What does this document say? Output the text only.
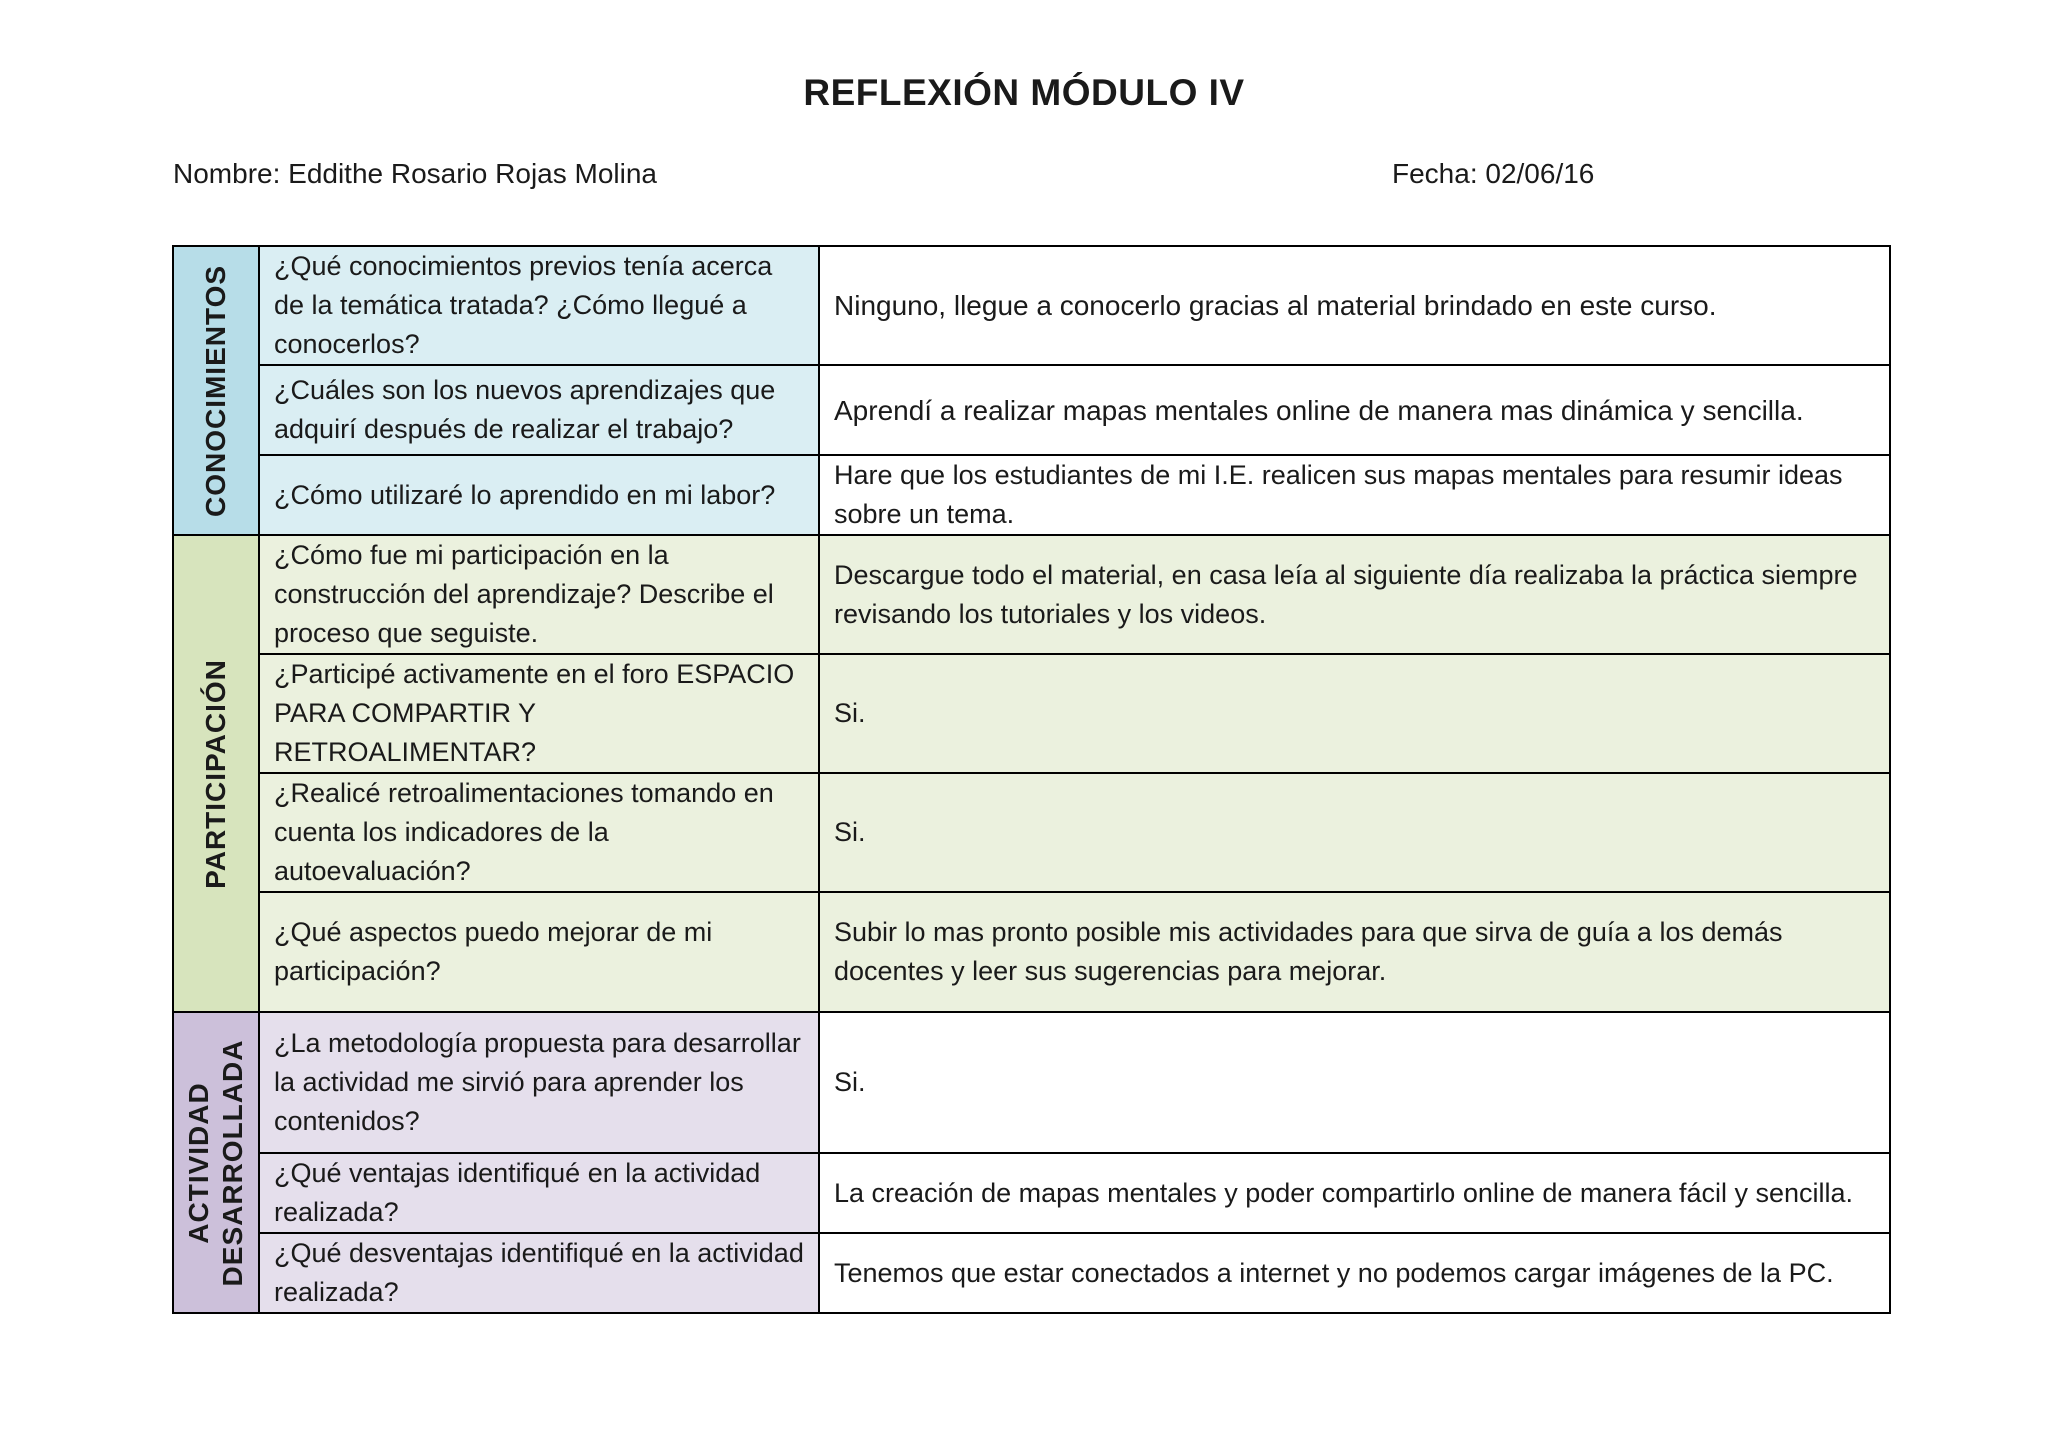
REFLEXIÓN MÓDULO IV
Nombre: Eddithe Rosario Rojas Molina	Fecha: 02/06/16
CONOCIMIENTOS	¿Qué conocimientos previos tenía acerca de la temática tratada? ¿Cómo llegué a conocerlos?	Ninguno, llegue a conocerlo gracias al material brindado en este curso.
	¿Cuáles son los nuevos aprendizajes que adquirí después de realizar el trabajo?	Aprendí a realizar mapas mentales online de manera mas dinámica y sencilla.
	¿Cómo utilizaré lo aprendido en mi labor?	Hare que los estudiantes de mi I.E. realicen sus mapas mentales para resumir ideas sobre un tema.

PARTICIPACIÓN	¿Cómo fue mi participación en la construcción del aprendizaje? Describe el proceso que seguiste.	Descargue todo el material, en casa leía al siguiente día realizaba la práctica siempre revisando los tutoriales y los videos.
	¿Participé activamente en el foro ESPACIO PARA COMPARTIR Y RETROALIMENTAR?	Si.
	¿Realicé retroalimentaciones tomando en cuenta los indicadores de la autoevaluación?	Si.
	¿Qué aspectos puedo mejorar de mi participación?	Subir lo mas pronto posible mis actividades para que sirva de guía a los demás docentes y leer sus sugerencias para mejorar.

ACTIVIDAD DESARROLLADA	¿La metodología propuesta para desarrollar la actividad me sirvió para aprender los contenidos?	Si.
	¿Qué ventajas identifiqué en la actividad realizada?	La creación de mapas mentales y poder compartirlo online de manera fácil y sencilla.
	¿Qué desventajas identifiqué en la actividad realizada?	Tenemos que estar conectados a internet y no podemos cargar imágenes de la PC.
